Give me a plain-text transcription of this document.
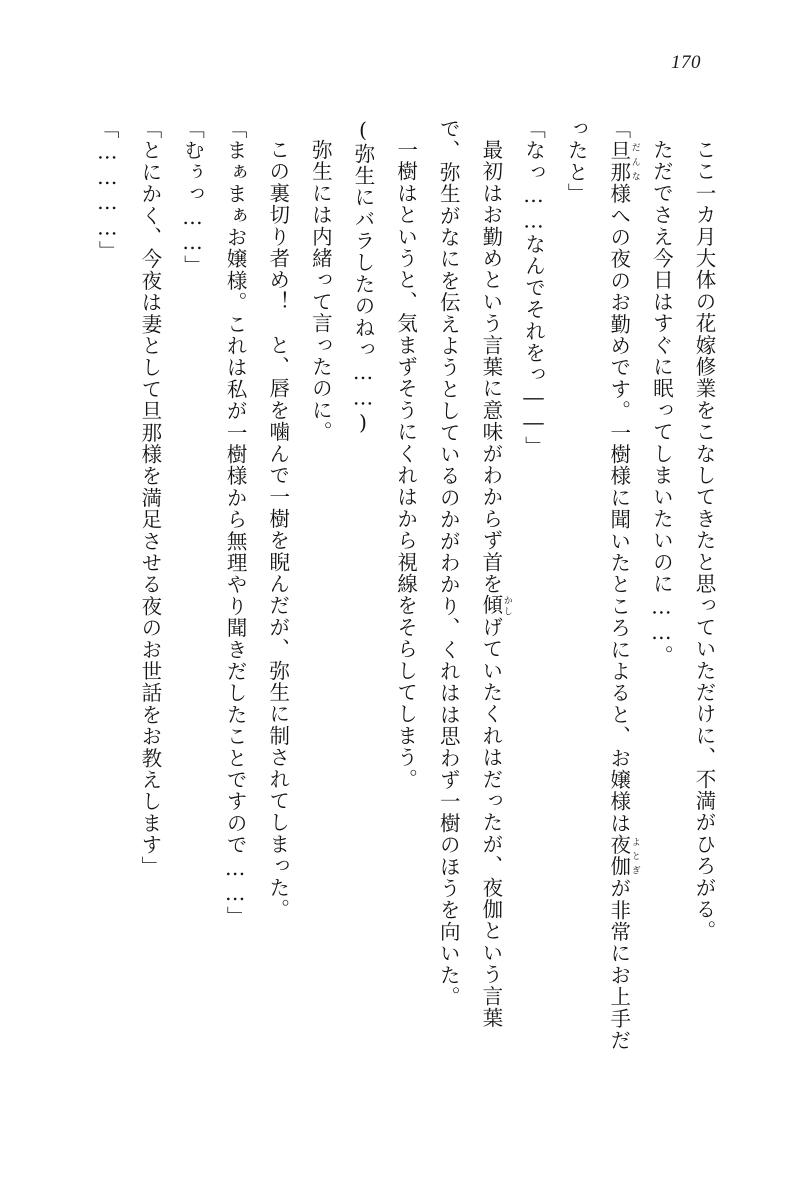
170

ここ一カ月大体の花嫁修業をこなしてきたと思っていただけに、不満がひろがる。

ただでさえ今日はすぐに眠ってしまいたいのに……。

「旦那 だんな様への夜のお勤めです。一樹様に聞いたところによると、お嬢様は夜伽 よとぎが非常にお上手だったと」

「なっ……なんでそれをっ――」

最初はお勤めという言葉に意味がわからず首を傾 かしげていたくれはだったが、夜伽という言葉で、弥生がなにを伝えようとしているのかがわかり、くれはは思わず一樹のほうを向いた。

一樹はというと、気まずそうにくれはから視線をそらしてしまう。

(弥生にバラしたのねっ……)

弥生には内緒って言ったのに。

この裏切り者め！　と、唇を噛んで一樹を睨んだが、弥生に制されてしまった。

「まぁまぁお嬢様。これは私が一樹様から無理やり聞きだしたことですので……」

「むぅっ……」

「とにかく、今夜は妻として旦那様を満足させる夜のお世話をお教えします」

「…………」
